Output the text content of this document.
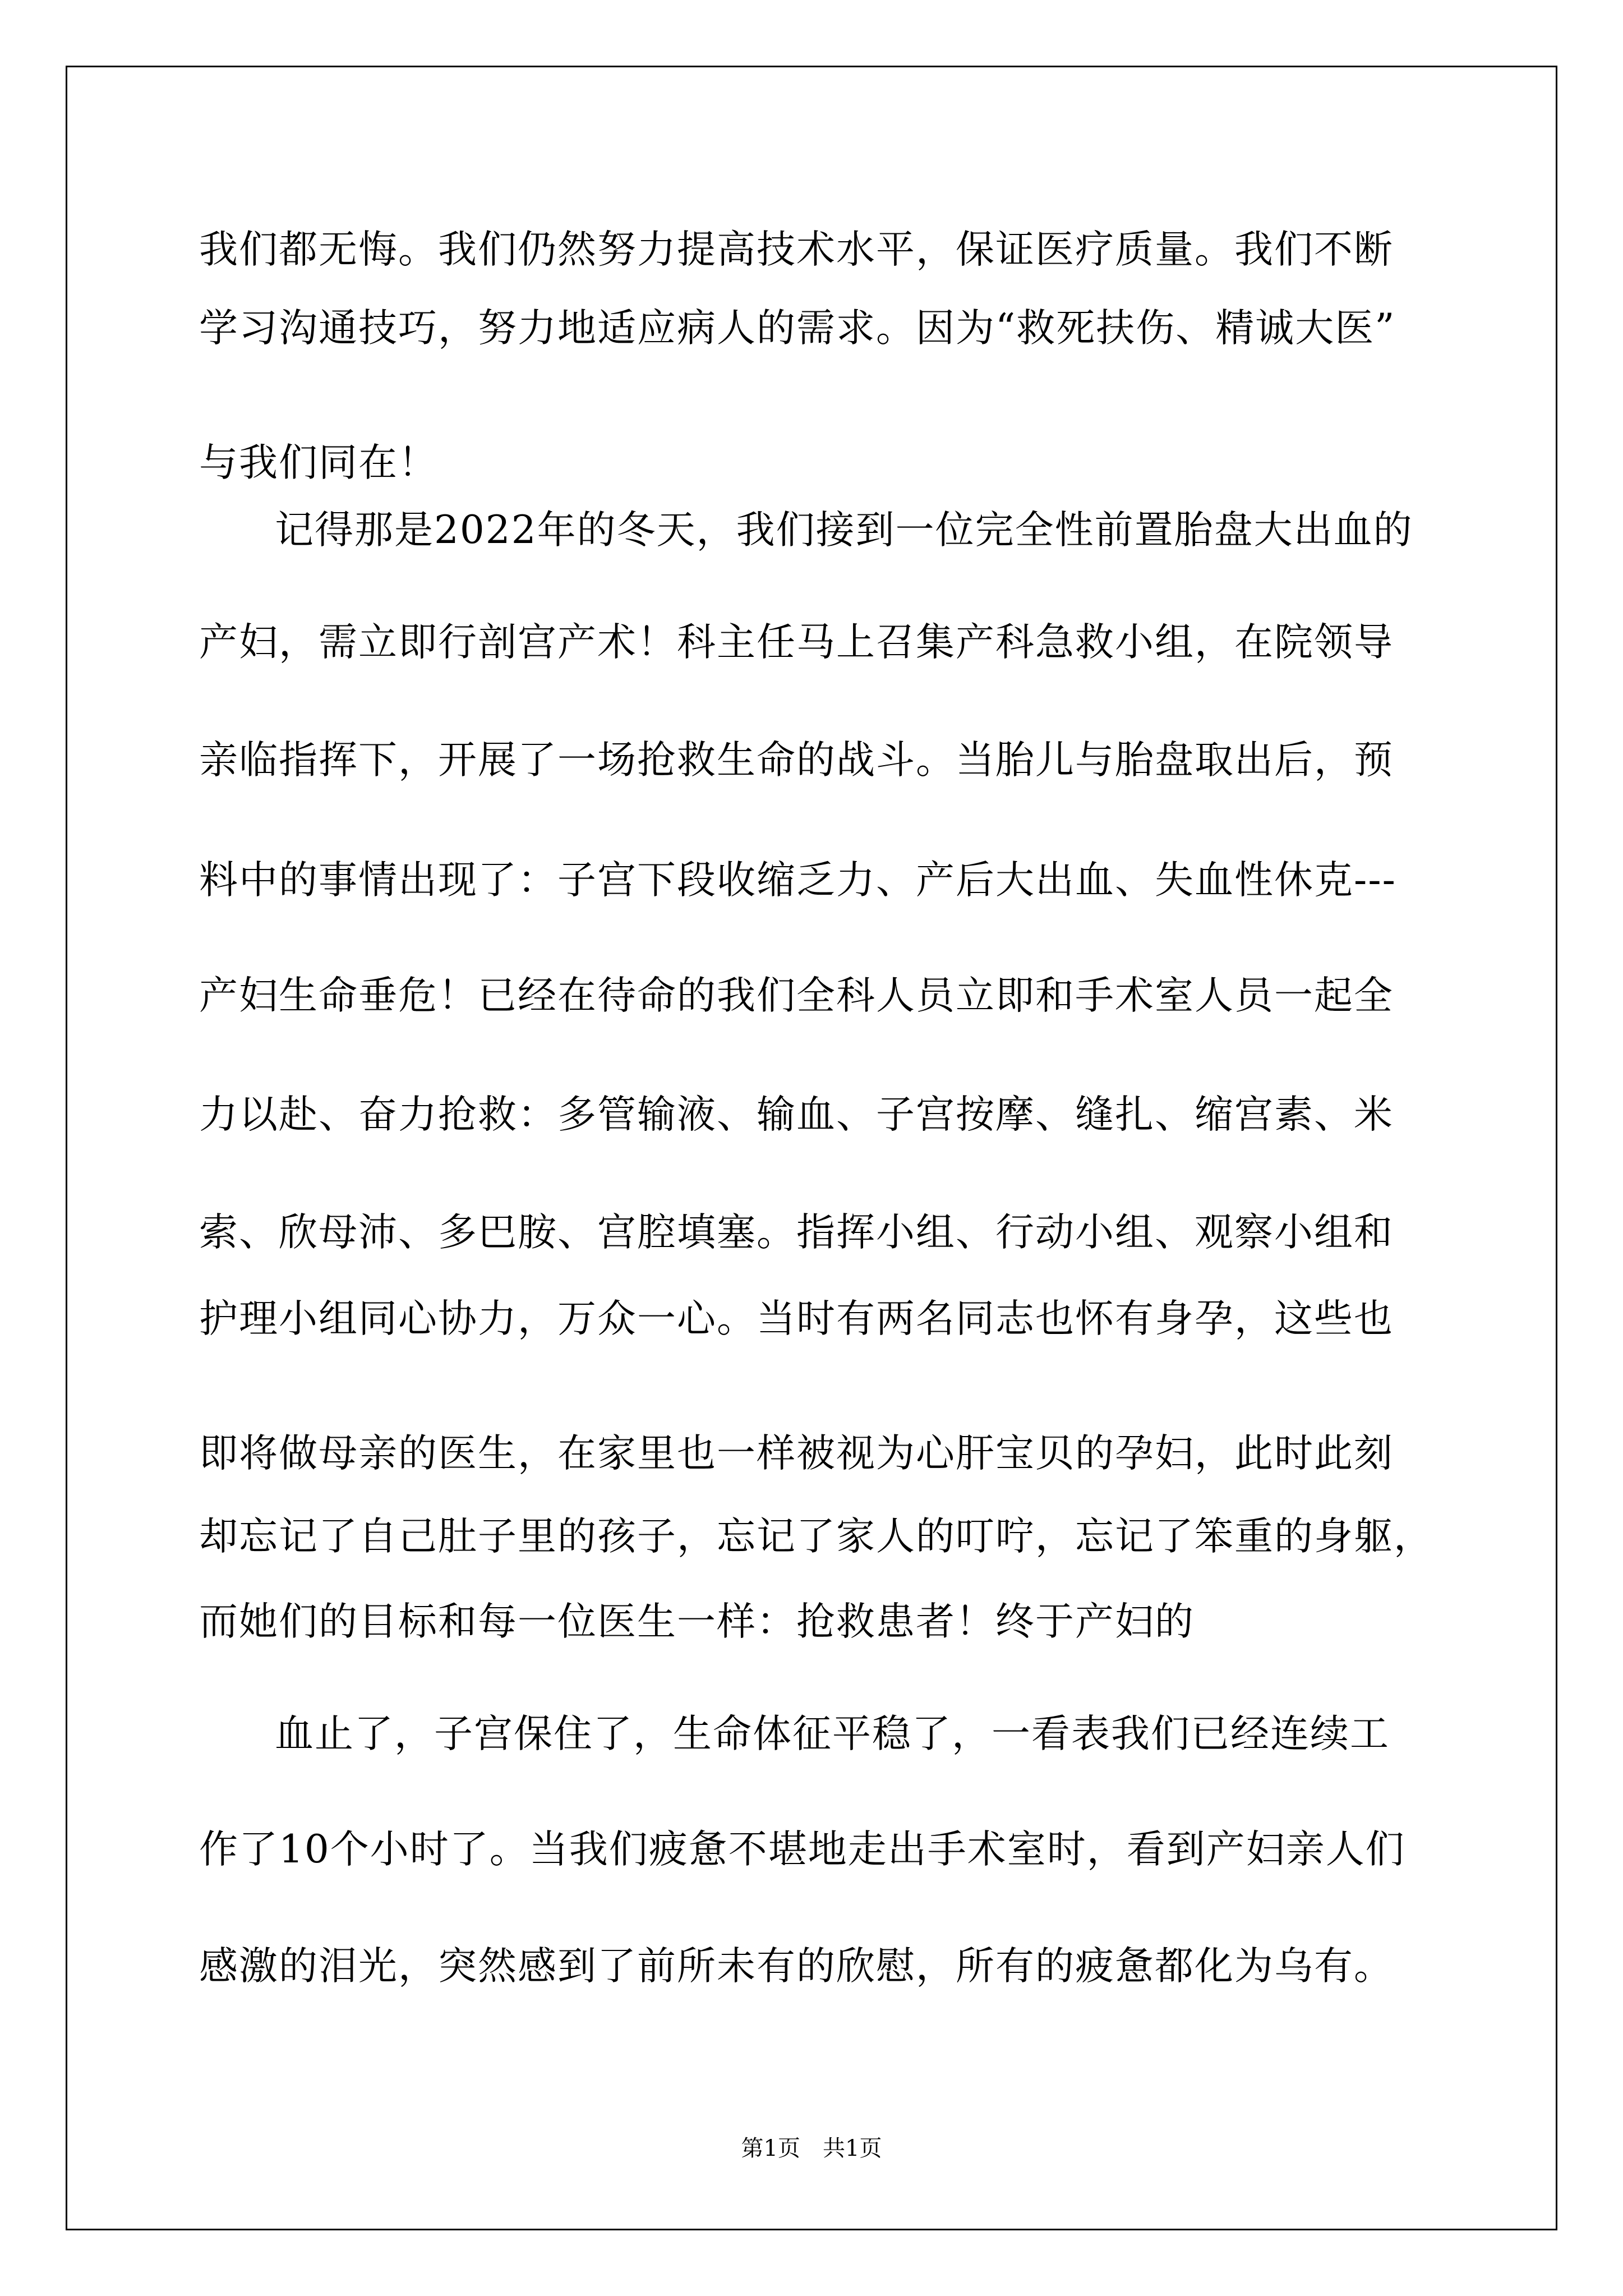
我们都无悔。我们仍然努力提高技术水平，保证医疗质量。我们不断
学习沟通技巧，努力地适应病人的需求。因为“救死扶伤、精诚大医”
与我们同在！
记得那是2022年的冬天，我们接到一位完全性前置胎盘大出血的
产妇，需立即行剖宫产术！科主任马上召集产科急救小组，在院领导
亲临指挥下，开展了一场抢救生命的战斗。当胎儿与胎盘取出后，预
料中的事情出现了：子宫下段收缩乏力、产后大出血、失血性休克---
产妇生命垂危！已经在待命的我们全科人员立即和手术室人员一起全
力以赴、奋力抢救：多管输液、输血、子宫按摩、缝扎、缩宫素、米
索、欣母沛、多巴胺、宫腔填塞。指挥小组、行动小组、观察小组和
护理小组同心协力，万众一心。当时有两名同志也怀有身孕，这些也
即将做母亲的医生，在家里也一样被视为心肝宝贝的孕妇，此时此刻
却忘记了自己肚子里的孩子，忘记了家人的叮咛，忘记了笨重的身躯，
而她们的目标和每一位医生一样：抢救患者！终于产妇的
血止了，子宫保住了，生命体征平稳了，一看表我们已经连续工
作了10个小时了。当我们疲惫不堪地走出手术室时，看到产妇亲人们
感激的泪光，突然感到了前所未有的欣慰，所有的疲惫都化为乌有。
第1页　共1页
